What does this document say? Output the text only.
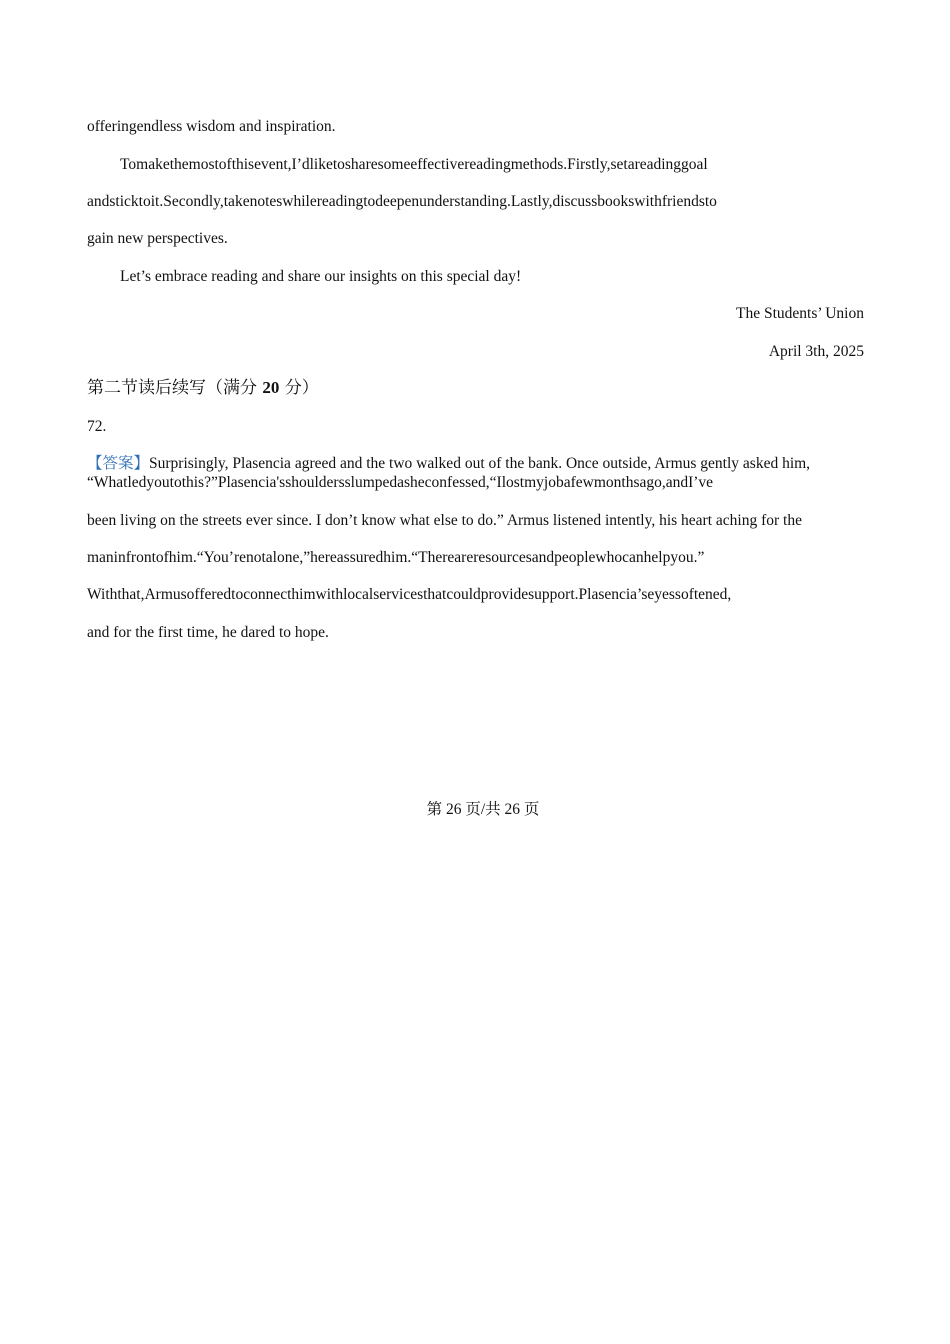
offeringendless wisdom and inspiration.
Tomakethemostofthisevent,I’dliketosharesomeeffectivereadingmethods.Firstly,setareadinggoal
andsticktoit.Secondly,takenoteswhilereadingtodeepenunderstanding.Lastly,discussbookswithfriendsto
gain new perspectives.
Let’s embrace reading and share our insights on this special day!
The Students’ Union
April 3th, 2025
第二节读后续写（满分 20 分）
72.
【答案】Surprisingly, Plasencia agreed and the two walked out of the bank. Once outside, Armus gently asked him,
“Whatledyoutothis?”Plasencia'sshouldersslumpedasheconfessed,“Ilostmyjobafewmonthsago,andI’ve
been living on the streets ever since. I don’t know what else to do.” Armus listened intently, his heart aching for the
maninfrontofhim.“You’renotalone,”hereassuredhim.“Thereareresourcesandpeoplewhocanhelpyou.”
Withthat,Armusofferedtoconnecthimwithlocalservicesthatcouldprovidesupport.Plasencia’seyessoftened,
and for the first time, he dared to hope.
第 26 页/共 26 页
